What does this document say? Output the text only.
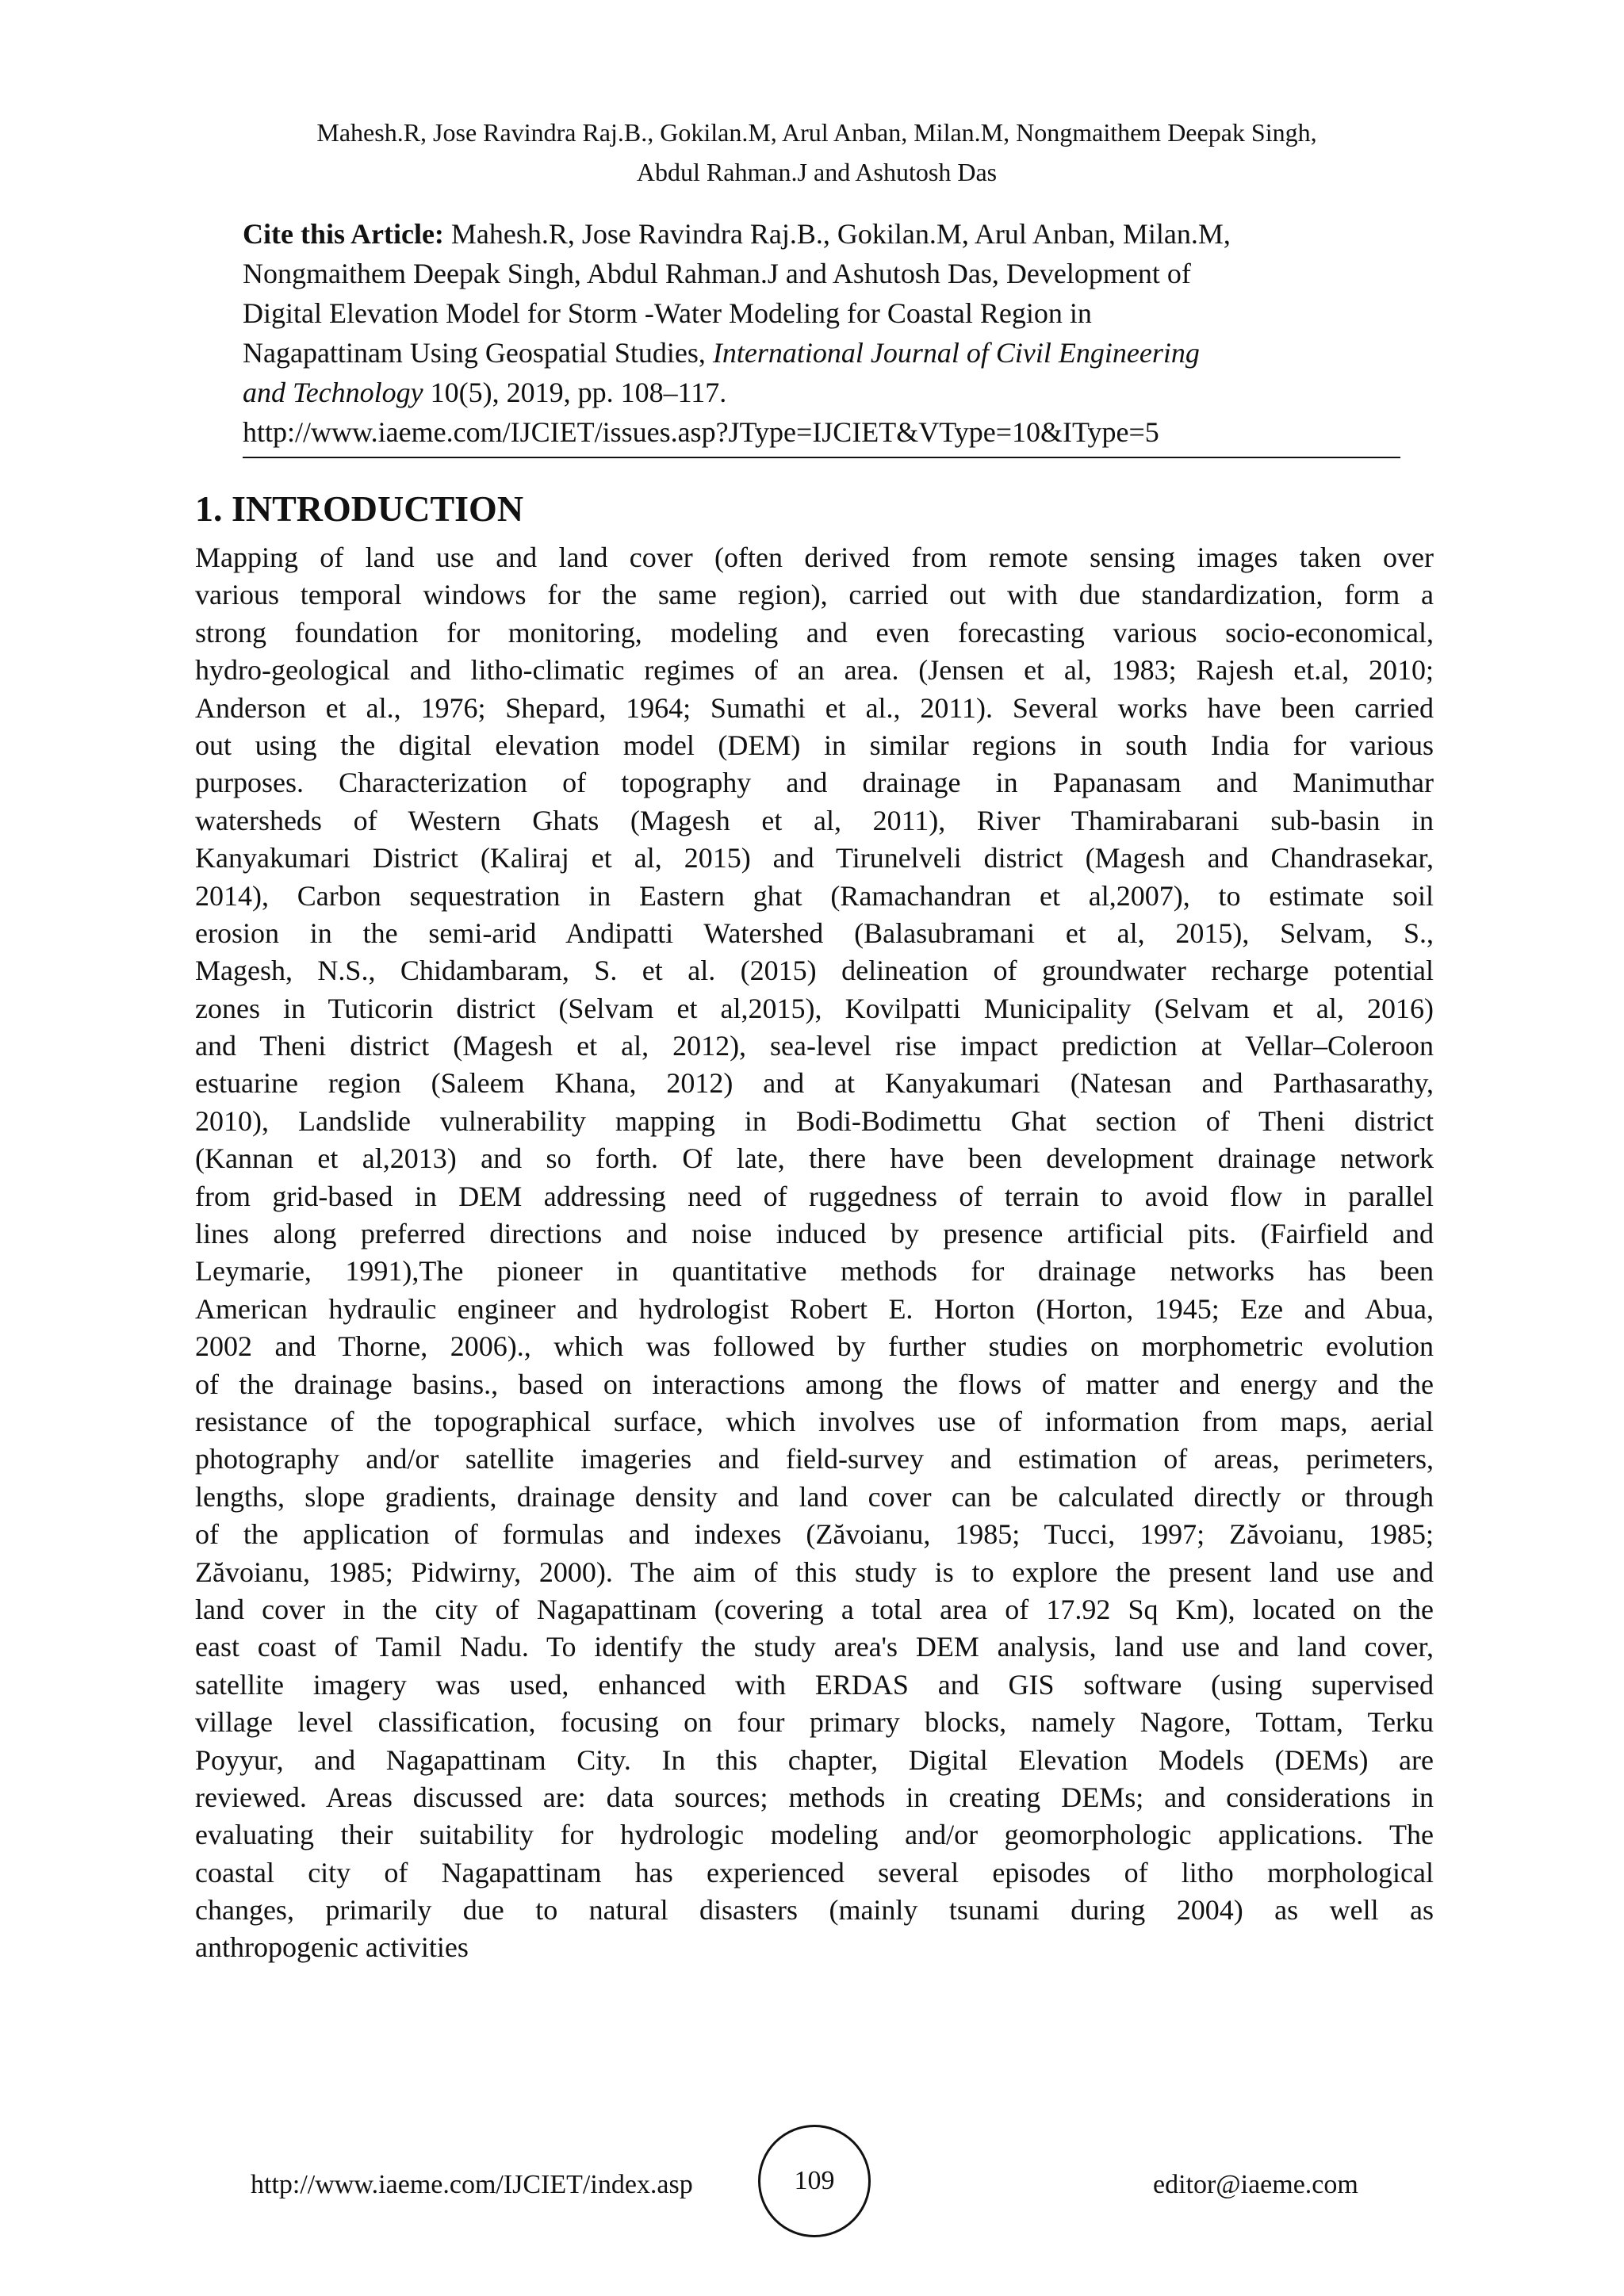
Mahesh.R, Jose Ravindra Raj.B., Gokilan.M, Arul Anban, Milan.M, Nongmaithem Deepak Singh,
Abdul Rahman.J and Ashutosh Das
Cite this Article: Mahesh.R, Jose Ravindra Raj.B., Gokilan.M, Arul Anban, Milan.M,
Nongmaithem Deepak Singh, Abdul Rahman.J and Ashutosh Das, Development of
Digital Elevation Model for Storm -Water Modeling for Coastal Region in
Nagapattinam Using Geospatial Studies, International Journal of Civil Engineering
and Technology 10(5), 2019, pp. 108–117.
http://www.iaeme.com/IJCIET/issues.asp?JType=IJCIET&VType=10&IType=5
1. INTRODUCTION
Mapping of land use and land cover (often derived from remote sensing images taken over
various temporal windows for the same region), carried out with due standardization, form a
strong foundation for monitoring, modeling and even forecasting various socio-economical,
hydro-geological and litho-climatic regimes of an area. (Jensen et al, 1983; Rajesh et.al, 2010;
Anderson et al., 1976; Shepard, 1964; Sumathi et al., 2011). Several works have been carried
out using the digital elevation model (DEM) in similar regions in south India for various
purposes. Characterization of topography and drainage in Papanasam and Manimuthar
watersheds of Western Ghats (Magesh et al, 2011), River Thamirabarani sub-basin in
Kanyakumari District (Kaliraj et al, 2015) and Tirunelveli district (Magesh and Chandrasekar,
2014), Carbon sequestration in Eastern ghat (Ramachandran et al,2007), to estimate soil
erosion in the semi-arid Andipatti Watershed (Balasubramani et al, 2015), Selvam, S.,
Magesh, N.S., Chidambaram, S. et al. (2015) delineation of groundwater recharge potential
zones in Tuticorin district (Selvam et al,2015), Kovilpatti Municipality (Selvam et al, 2016)
and Theni district (Magesh et al, 2012), sea-level rise impact prediction at Vellar–Coleroon
estuarine region (Saleem Khana, 2012) and at Kanyakumari (Natesan and Parthasarathy,
2010), Landslide vulnerability mapping in Bodi-Bodimettu Ghat section of Theni district
(Kannan et al,2013) and so forth. Of late, there have been development drainage network
from grid-based in DEM addressing need of ruggedness of terrain to avoid flow in parallel
lines along preferred directions and noise induced by presence artificial pits. (Fairfield and
Leymarie, 1991),The pioneer in quantitative methods for drainage networks has been
American hydraulic engineer and hydrologist Robert E. Horton (Horton, 1945; Eze and Abua,
2002 and Thorne, 2006)., which was followed by further studies on morphometric evolution
of the drainage basins., based on interactions among the flows of matter and energy and the
resistance of the topographical surface, which involves use of information from maps, aerial
photography and/or satellite imageries and field-survey and estimation of areas, perimeters,
lengths, slope gradients, drainage density and land cover can be calculated directly or through
of the application of formulas and indexes (Zăvoianu, 1985; Tucci, 1997; Zăvoianu, 1985;
Zăvoianu, 1985; Pidwirny, 2000). The aim of this study is to explore the present land use and
land cover in the city of Nagapattinam (covering a total area of 17.92 Sq Km), located on the
east coast of Tamil Nadu. To identify the study area's DEM analysis, land use and land cover,
satellite imagery was used, enhanced with ERDAS and GIS software (using supervised
village level classification, focusing on four primary blocks, namely Nagore, Tottam, Terku
Poyyur, and Nagapattinam City. In this chapter, Digital Elevation Models (DEMs) are
reviewed. Areas discussed are: data sources; methods in creating DEMs; and considerations in
evaluating their suitability for hydrologic modeling and/or geomorphologic applications. The
coastal city of Nagapattinam has experienced several episodes of litho morphological
changes, primarily due to natural disasters (mainly tsunami during 2004) as well as
anthropogenic activities
http://www.iaeme.com/IJCIET/index.asp	109	editor@iaeme.com
